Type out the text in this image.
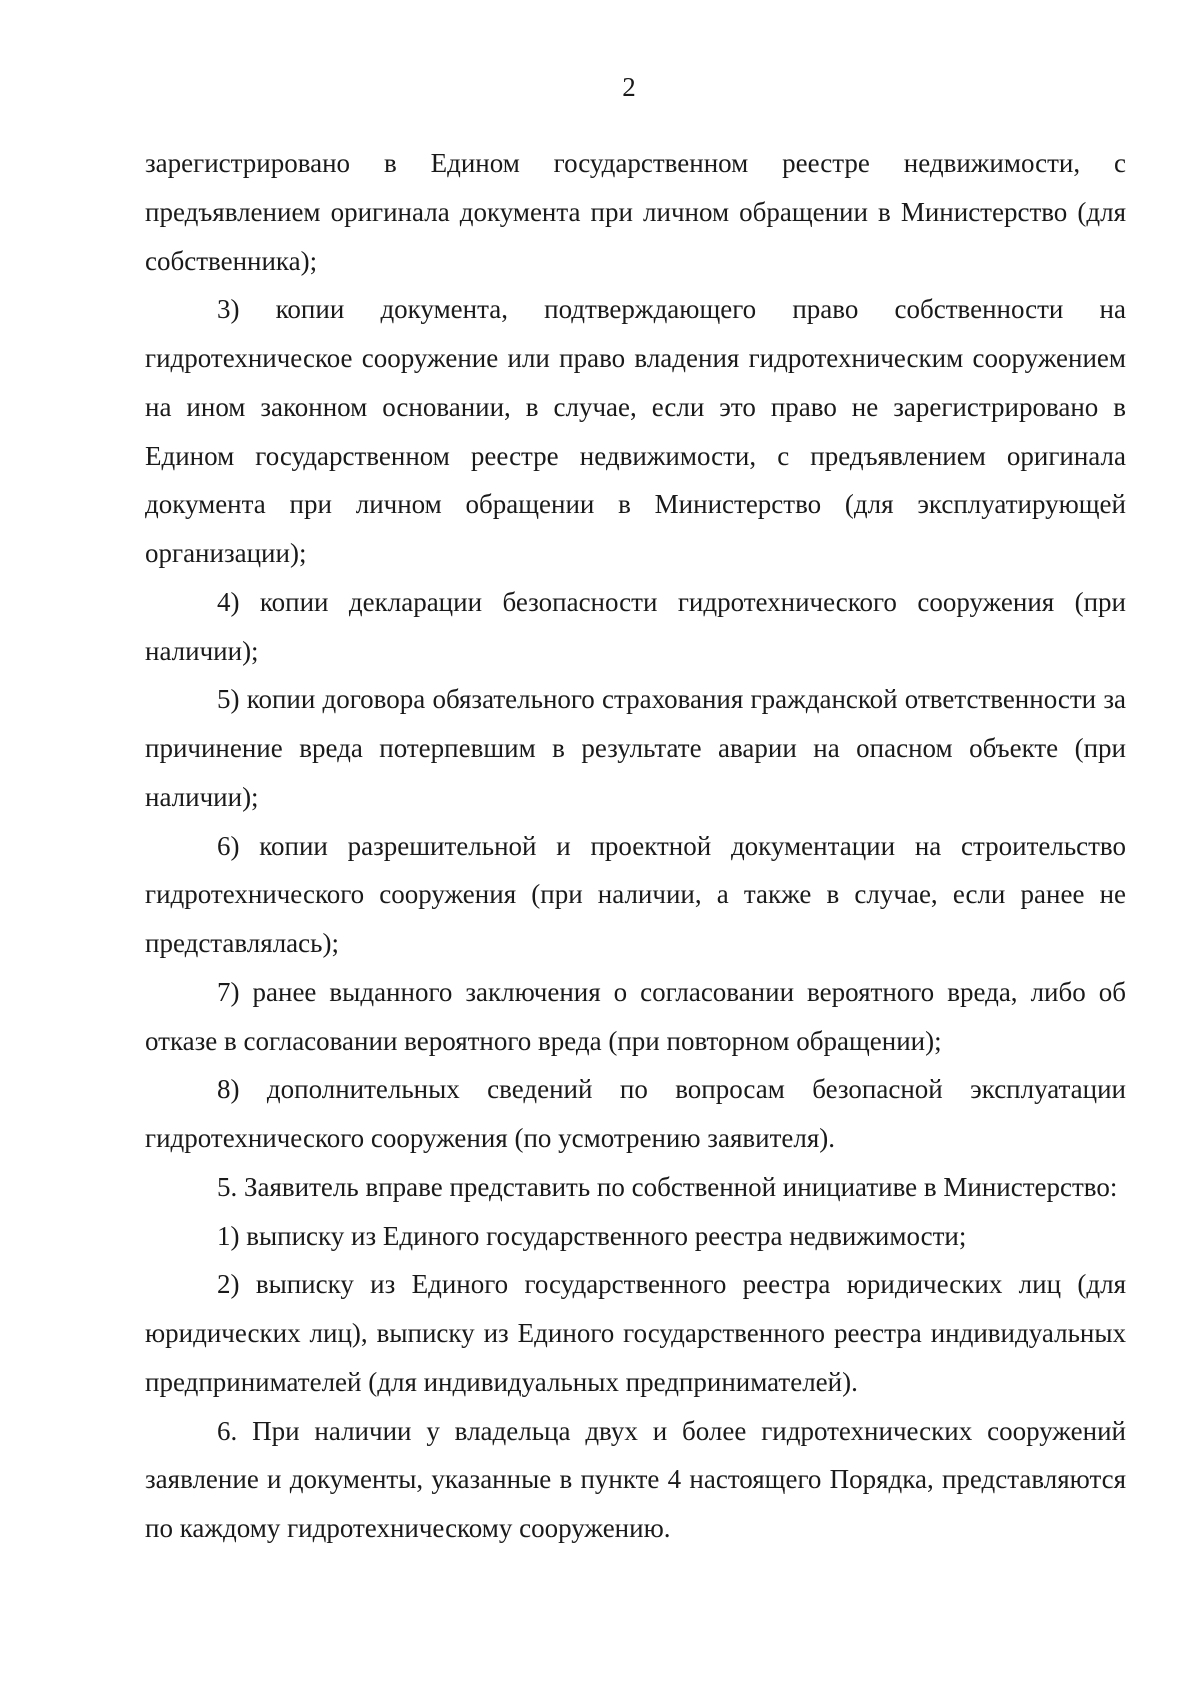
2

зарегистрировано в Едином государственном реестре недвижимости, с предъявлением оригинала документа при личном обращении в Министерство (для собственника);

3) копии документа, подтверждающего право собственности на гидротехническое сооружение или право владения гидротехническим сооружением на ином законном основании, в случае, если это право не зарегистрировано в Едином государственном реестре недвижимости, с предъявлением оригинала документа при личном обращении в Министерство (для эксплуатирующей организации);

4) копии декларации безопасности гидротехнического сооружения (при наличии);

5) копии договора обязательного страхования гражданской ответственности за причинение вреда потерпевшим в результате аварии на опасном объекте (при наличии);

6) копии разрешительной и проектной документации на строительство гидротехнического сооружения (при наличии, а также в случае, если ранее не представлялась);

7) ранее выданного заключения о согласовании вероятного вреда, либо об отказе в согласовании вероятного вреда (при повторном обращении);

8) дополнительных сведений по вопросам безопасной эксплуатации гидротехнического сооружения (по усмотрению заявителя).

5. Заявитель вправе представить по собственной инициативе в Министерство:

1) выписку из Единого государственного реестра недвижимости;

2) выписку из Единого государственного реестра юридических лиц (для юридических лиц), выписку из Единого государственного реестра индивидуальных предпринимателей (для индивидуальных предпринимателей).

6. При наличии у владельца двух и более гидротехнических сооружений заявление и документы, указанные в пункте 4 настоящего Порядка, представляются по каждому гидротехническому сооружению.
